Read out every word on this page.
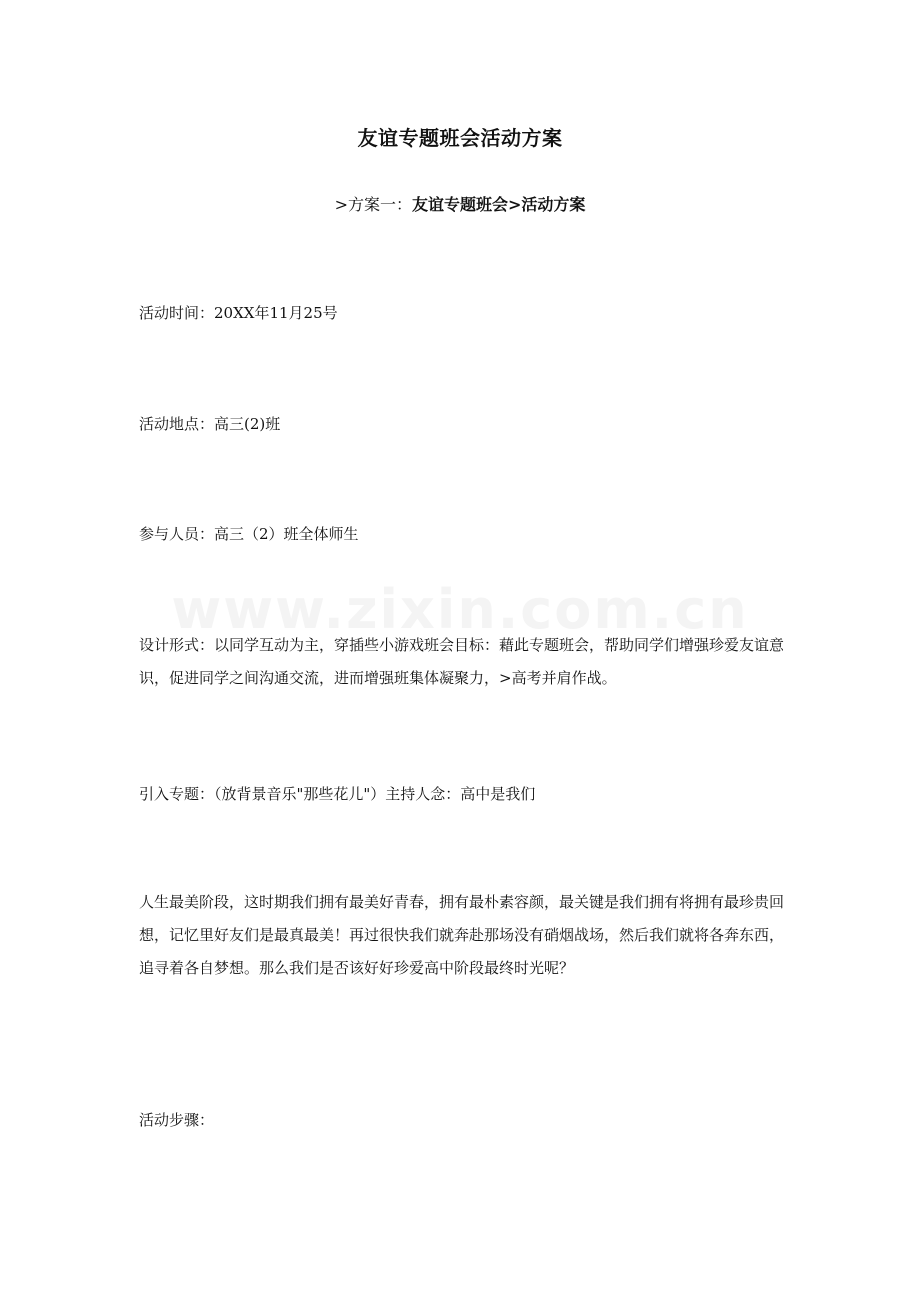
www.zixin.com.cn
友谊专题班会活动方案
>方案一：友谊专题班会>活动方案

活动时间：20XX年11月25号

活动地点：高三(2)班

参与人员：高三（2）班全体师生

设计形式：以同学互动为主，穿插些小游戏班会目标：藉此专题班会，帮助同学们增强珍爱友谊意识，促进同学之间沟通交流，进而增强班集体凝聚力，>高考并肩作战。

引入专题：（放背景音乐"那些花儿"）主持人念：高中是我们

人生最美阶段，这时期我们拥有最美好青春，拥有最朴素容颜，最关键是我们拥有将拥有最珍贵回想，记忆里好友们是最真最美！再过很快我们就奔赴那场没有硝烟战场，然后我们就将各奔东西，追寻着各自梦想。那么我们是否该好好珍爱高中阶段最终时光呢？

活动步骤：
